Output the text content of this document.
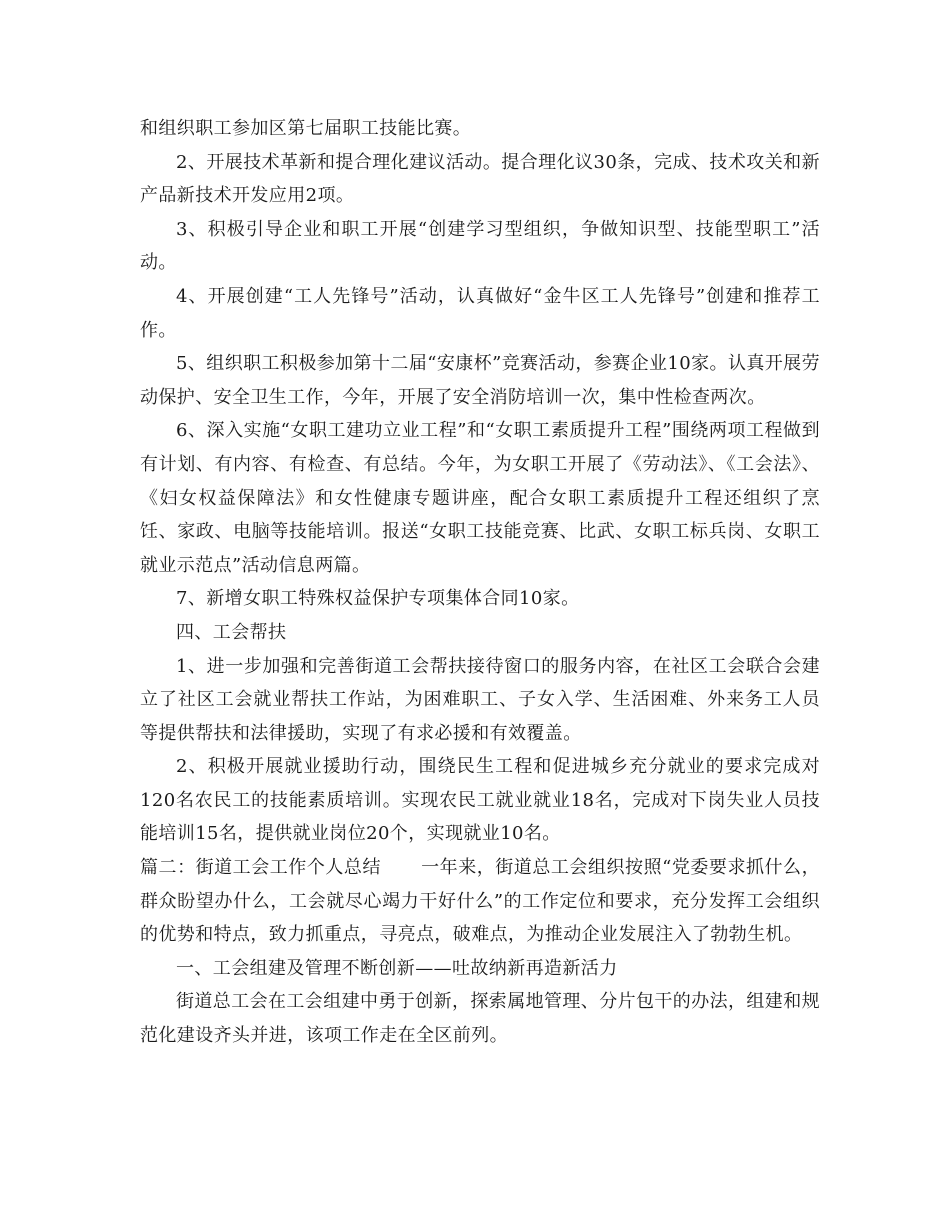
和组织职工参加区第七届职工技能比赛。

2、开展技术革新和提合理化建议活动。提合理化议30条，完成、技术攻关和新产品新技术开发应用2项。

3、积极引导企业和职工开展“创建学习型组织，争做知识型、技能型职工”活动。

4、开展创建“工人先锋号”活动，认真做好“金牛区工人先锋号”创建和推荐工作。

5、组织职工积极参加第十二届“安康杯”竞赛活动，参赛企业10家。认真开展劳动保护、安全卫生工作，今年，开展了安全消防培训一次，集中性检查两次。

6、深入实施“女职工建功立业工程”和“女职工素质提升工程”围绕两项工程做到有计划、有内容、有检查、有总结。今年，为女职工开展了《劳动法》、《工会法》、《妇女权益保障法》和女性健康专题讲座，配合女职工素质提升工程还组织了烹饪、家政、电脑等技能培训。报送“女职工技能竞赛、比武、女职工标兵岗、女职工就业示范点”活动信息两篇。

7、新增女职工特殊权益保护专项集体合同10家。

四、工会帮扶

1、进一步加强和完善街道工会帮扶接待窗口的服务内容，在社区工会联合会建立了社区工会就业帮扶工作站，为困难职工、子女入学、生活困难、外来务工人员等提供帮扶和法律援助，实现了有求必援和有效覆盖。

2、积极开展就业援助行动，围绕民生工程和促进城乡充分就业的要求完成对120名农民工的技能素质培训。实现农民工就业就业18名，完成对下岗失业人员技能培训15名，提供就业岗位20个，实现就业10名。

篇二：街道工会工作个人总结 一年来，街道总工会组织按照“党委要求抓什么，群众盼望办什么，工会就尽心竭力干好什么”的工作定位和要求，充分发挥工会组织的优势和特点，致力抓重点，寻亮点，破难点，为推动企业发展注入了勃勃生机。

一、工会组建及管理不断创新——吐故纳新再造新活力

街道总工会在工会组建中勇于创新，探索属地管理、分片包干的办法，组建和规范化建设齐头并进，该项工作走在全区前列。
